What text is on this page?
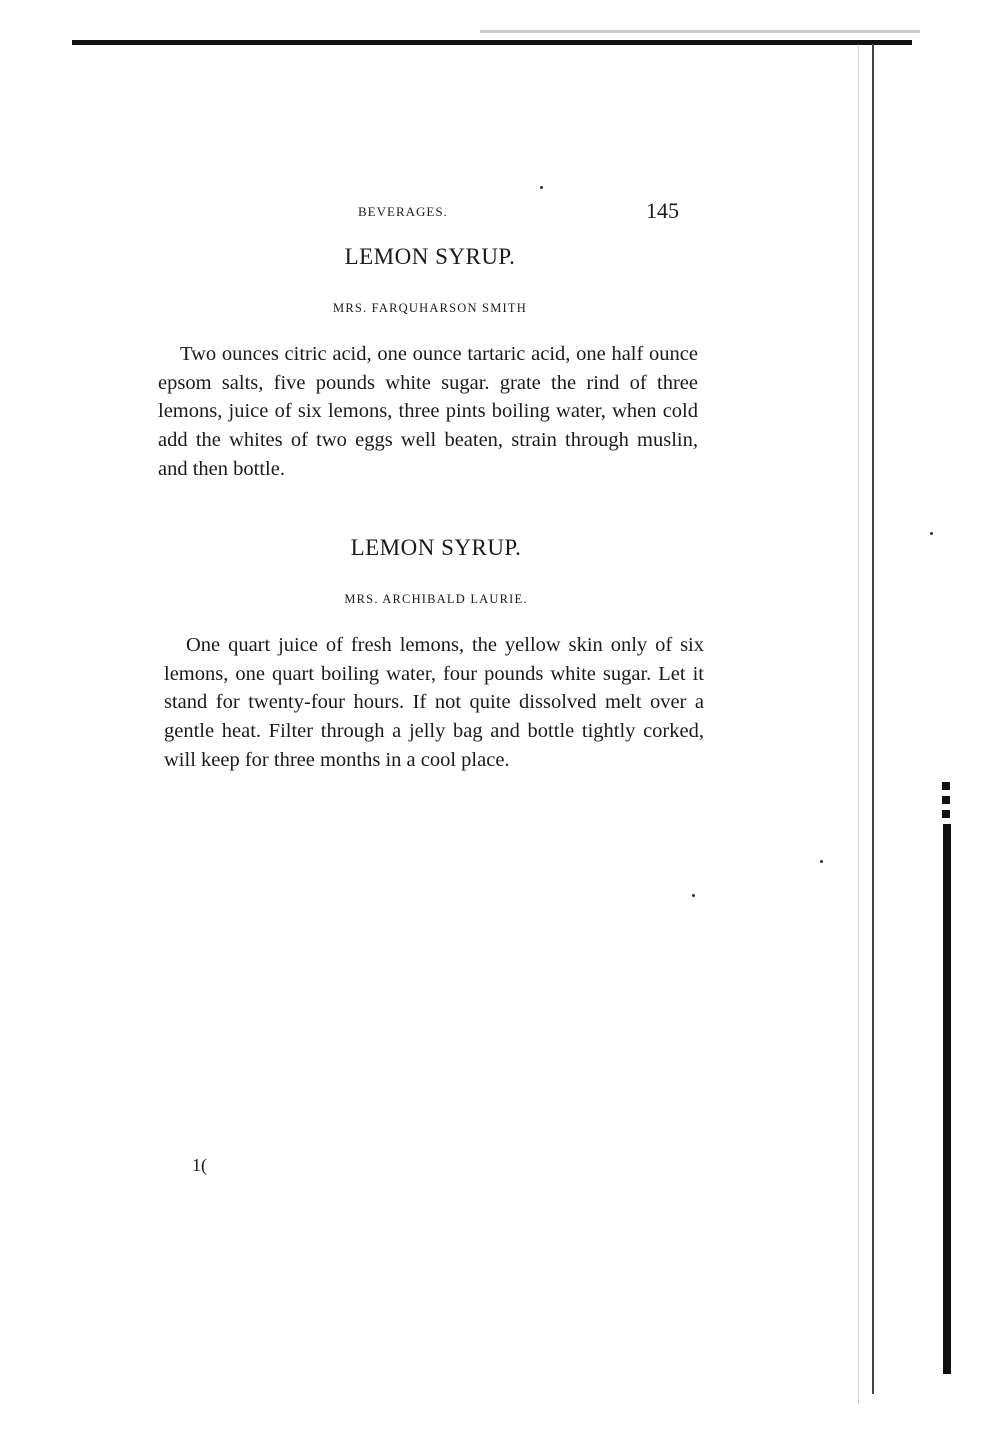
BEVERAGES.	145
LEMON SYRUP.
MRS. FARQUHARSON SMITH

Two ounces citric acid, one ounce tartaric acid, one half ounce epsom salts, five pounds white sugar. grate the rind of three lemons, juice of six lemons, three pints boiling water, when cold add the whites of two eggs well beaten, strain through muslin, and then bottle.

LEMON SYRUP.
MRS. ARCHIBALD LAURIE.

One quart juice of fresh lemons, the yellow skin only of six lemons, one quart boiling water, four pounds white sugar. Let it stand for twenty-four hours. If not quite dissolved melt over a gentle heat. Filter through a jelly bag and bottle tightly corked, will keep for three months in a cool place.

1(
